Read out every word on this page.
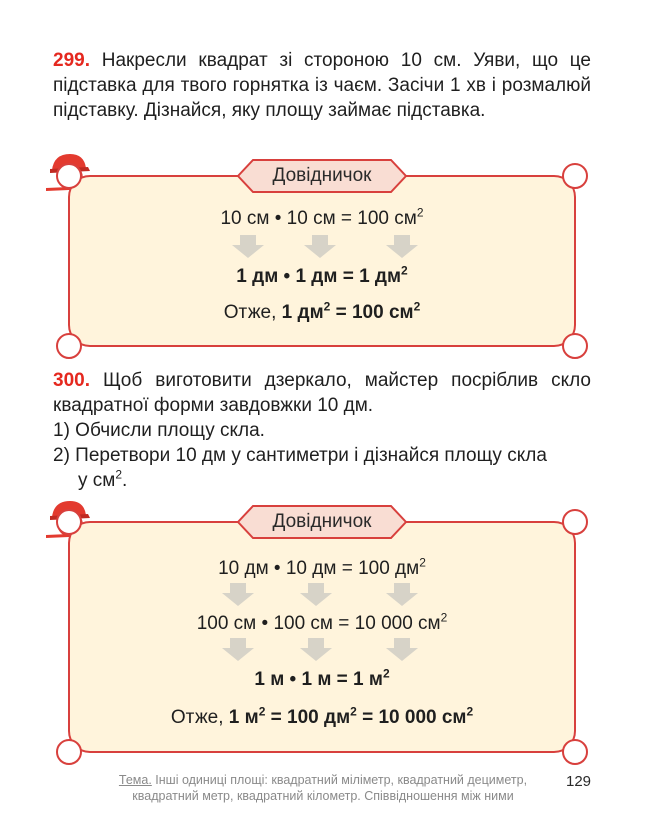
299. Накресли квадрат зі стороною 10 см. Уяви, що це підставка для твого горнятка із чаєм. Засічи 1 хв і розмалюй підставку. Дізнайся, яку площу займає підставка.
Довідничок
10 см • 10 см = 100 $см^2$
1 дм • 1 дм = 1 $дм^2$
Отже, 1 $дм^2 = 100$ $см^2$
300. Щоб виготовити дзеркало, майстер посріблив скло квадратної форми завдовжки 10 дм.
1) Обчисли площу скла.
2) Перетвори 10 дм у сантиметри і дізнайся площу скла
у $см^2$.
Довідничок
10 дм • 10 дм = 100 $дм^2$
100 см • 100 см = 10 000 $см^2$
1 м • 1 м = 1 $м^2$
Отже, 1 $м^2 = 100$ $дм^2 = 10$ 000 $см^2$
Тема. Інші одиниці площі: квадратний міліметр, квадратний дециметр, квадратний метр, квадратний кілометр. Співвідношення між ними
129
